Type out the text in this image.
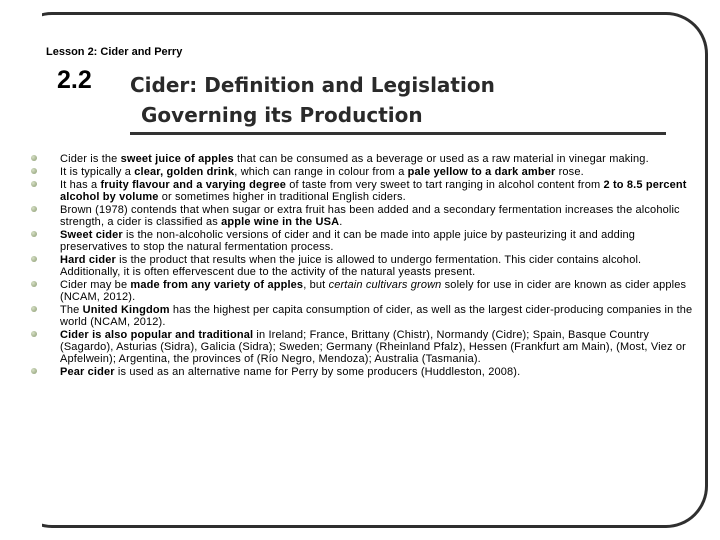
Lesson 2: Cider and Perry
2.2 Cider: Definition and Legislation
Governing its Production
Cider is the sweet juice of apples that can be consumed as a beverage or used as a raw material in vinegar making.
It is typically a clear, golden drink, which can range in colour from a pale yellow to a dark amber rose.
It has a fruity flavour and a varying degree of taste from very sweet to tart ranging in alcohol content from 2 to 8.5 percent alcohol by volume or sometimes higher in traditional English ciders.
Brown (1978) contends that when sugar or extra fruit has been added and a secondary fermentation increases the alcoholic strength, a cider is classified as apple wine in the USA.
Sweet cider is the non-alcoholic versions of cider and it can be made into apple juice by pasteurizing it and adding preservatives to stop the natural fermentation process.
Hard cider is the product that results when the juice is allowed to undergo fermentation. This cider contains alcohol. Additionally, it is often effervescent due to the activity of the natural yeasts present.
Cider may be made from any variety of apples, but certain cultivars grown solely for use in cider are known as cider apples (NCAM, 2012).
The United Kingdom has the highest per capita consumption of cider, as well as the largest cider-producing companies in the world (NCAM, 2012).
Cider is also popular and traditional in Ireland; France, Brittany (Chistr), Normandy (Cidre); Spain, Basque Country (Sagardo), Asturias (Sidra), Galicia (Sidra); Sweden; Germany (Rheinland Pfalz), Hessen (Frankfurt am Main), (Most, Viez or Apfelwein); Argentina, the provinces of (Río Negro, Mendoza); Australia (Tasmania).
Pear cider is used as an alternative name for Perry by some producers (Huddleston, 2008).
